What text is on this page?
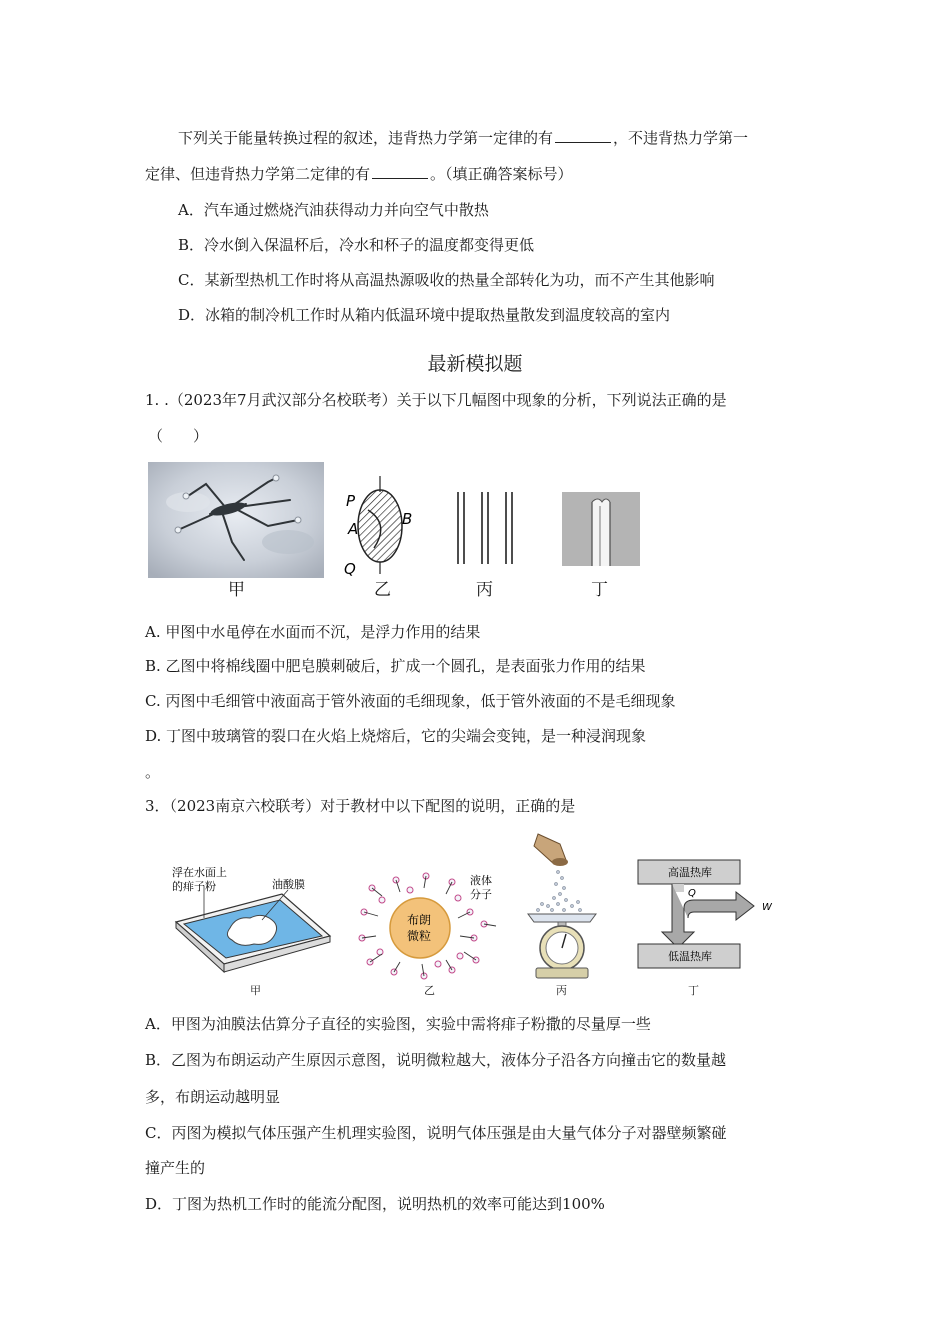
下列关于能量转换过程的叙述，违背热力学第一定律的有	，不违背热力学第一
定律、但违背热力学第二定律的有	。（填正确答案标号）
A．汽车通过燃烧汽油获得动力并向空气中散热
B．冷水倒入保温杯后，冷水和杯子的温度都变得更低
C．某新型热机工作时将从高温热源吸收的热量全部转化为功，而不产生其他影响
D．冰箱的制冷机工作时从箱内低温环境中提取热量散发到温度较高的室内
最新模拟题
1. .（2023年7月武汉部分名校联考）关于以下几幅图中现象的分析，下列说法正确的是
（　　）
P
A
B
Q
甲	乙	丙	丁
A. 甲图中水黾停在水面而不沉，是浮力作用的结果
B. 乙图中将棉线圈中肥皂膜刺破后，扩成一个圆孔，是表面张力作用的结果
C. 丙图中毛细管中液面高于管外液面的毛细现象，低于管外液面的不是毛细现象
D. 丁图中玻璃管的裂口在火焰上烧熔后，它的尖端会变钝，是一种浸润现象
。
3．（2023南京六校联考）对于教材中以下配图的说明，正确的是
浮在水面上
的痱子粉	油酸膜
布朗
微粒
液体
分子
高温热库
低温热库
Q
W
甲	乙	丙	丁
A．甲图为油膜法估算分子直径的实验图，实验中需将痱子粉撒的尽量厚一些
B．乙图为布朗运动产生原因示意图，说明微粒越大，液体分子沿各方向撞击它的数量越
多，布朗运动越明显
C．丙图为模拟气体压强产生机理实验图，说明气体压强是由大量气体分子对器壁频繁碰
撞产生的
D．丁图为热机工作时的能流分配图，说明热机的效率可能达到100%
